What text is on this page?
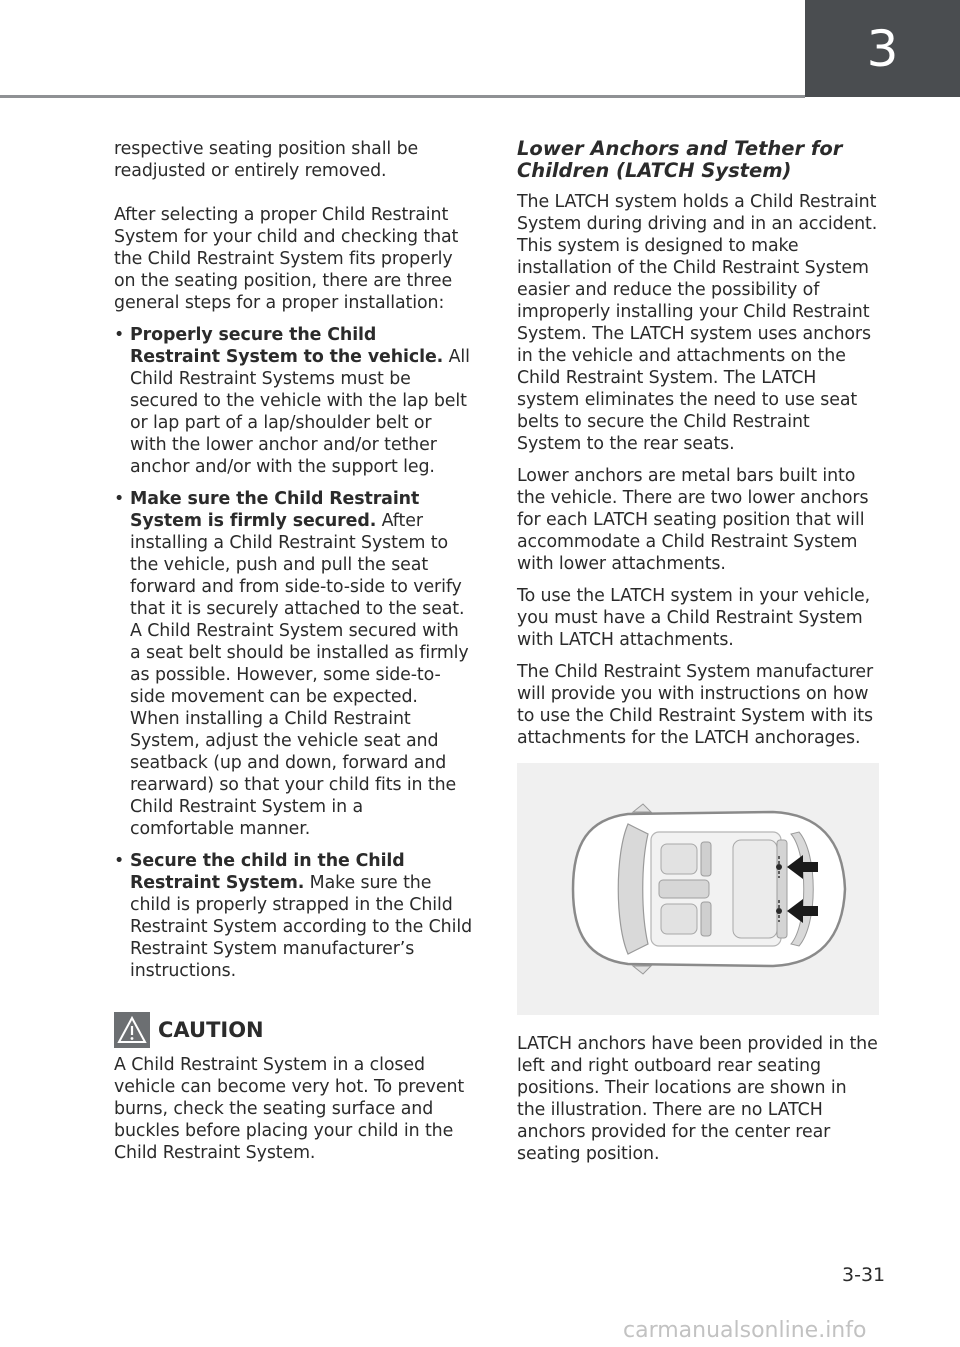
3

respective seating position shall be readjusted or entirely removed.

After selecting a proper Child Restraint System for your child and checking that the Child Restraint System fits properly on the seating position, there are three general steps for a proper installation:

• Properly secure the Child Restraint System to the vehicle. All Child Restraint Systems must be secured to the vehicle with the lap belt or lap part of a lap/shoulder belt or with the lower anchor and/or tether anchor and/or with the support leg.
• Make sure the Child Restraint System is firmly secured. After installing a Child Restraint System to the vehicle, push and pull the seat forward and from side-to-side to verify that it is securely attached to the seat. A Child Restraint System secured with a seat belt should be installed as firmly as possible. However, some side-to-side movement can be expected. When installing a Child Restraint System, adjust the vehicle seat and seatback (up and down, forward and rearward) so that your child fits in the Child Restraint System in a comfortable manner.
• Secure the child in the Child Restraint System. Make sure the child is properly strapped in the Child Restraint System according to the Child Restraint System manufacturer’s instructions.
CAUTION

A Child Restraint System in a closed vehicle can become very hot. To prevent burns, check the seating surface and buckles before placing your child in the Child Restraint System.

Lower Anchors and Tether for Children (LATCH System)

The LATCH system holds a Child Restraint System during driving and in an accident. This system is designed to make installation of the Child Restraint System easier and reduce the possibility of improperly installing your Child Restraint System. The LATCH system uses anchors in the vehicle and attachments on the Child Restraint System. The LATCH system eliminates the need to use seat belts to secure the Child Restraint System to the rear seats.

Lower anchors are metal bars built into the vehicle. There are two lower anchors for each LATCH seating position that will accommodate a Child Restraint System with lower attachments.

To use the LATCH system in your vehicle, you must have a Child Restraint System with LATCH attachments.

The Child Restraint System manufacturer will provide you with instructions on how to use the Child Restraint System with its attachments for the LATCH anchorages.

LATCH anchors have been provided in the left and right outboard rear seating positions. Their locations are shown in the illustration. There are no LATCH anchors provided for the center rear seating position.

3-31
carmanualsonline.info
